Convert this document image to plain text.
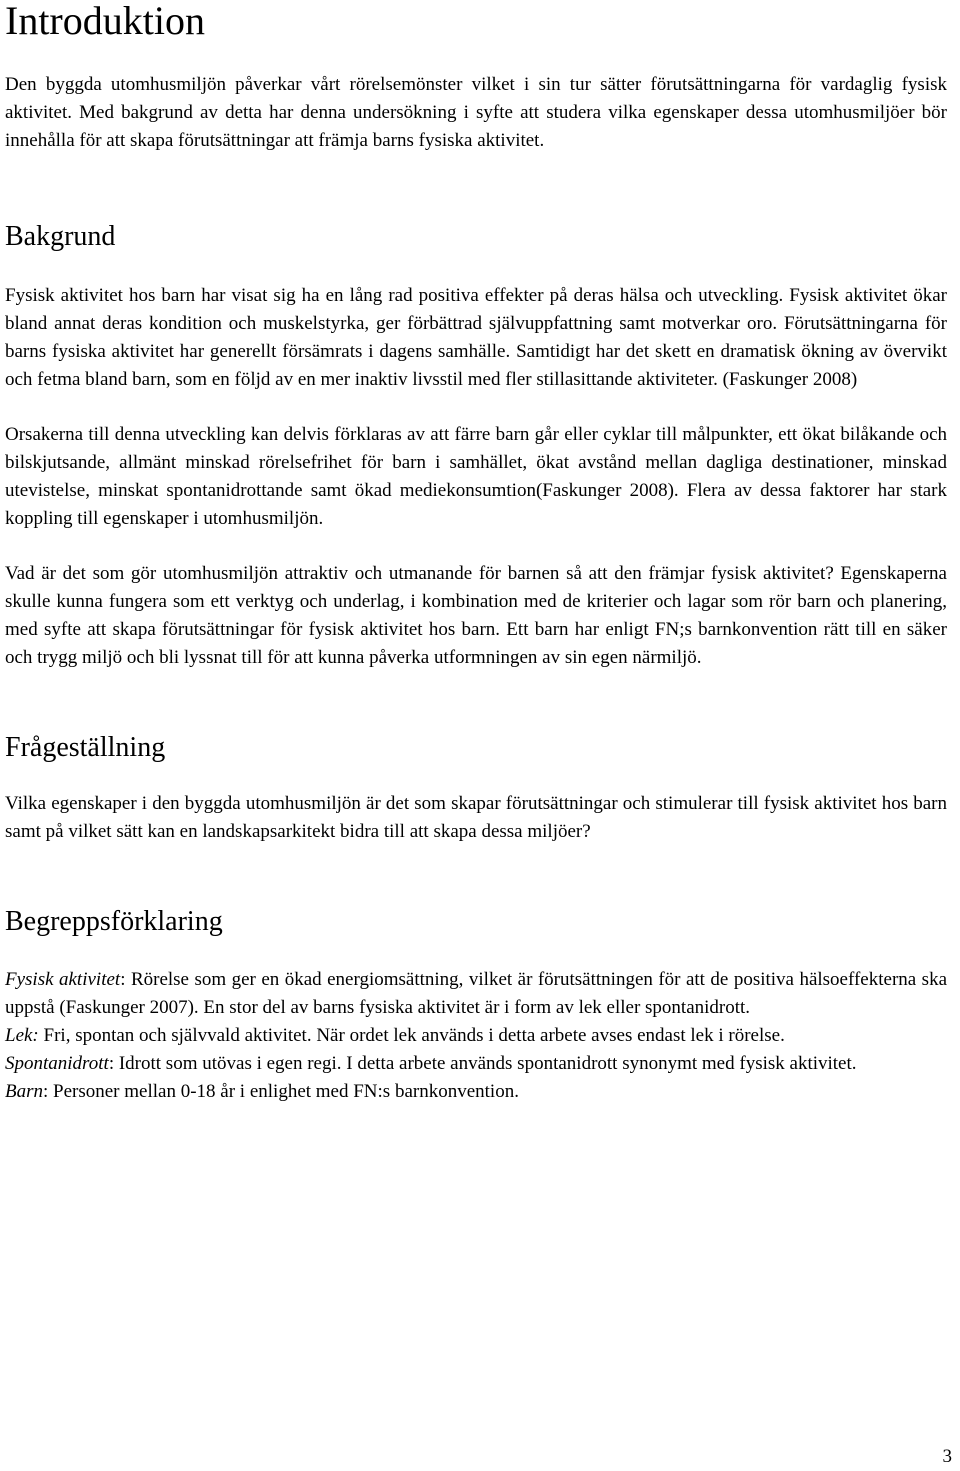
Introduktion

Den byggda utomhusmiljön påverkar vårt rörelsemönster vilket i sin tur sätter förutsättningarna för vardaglig fysisk aktivitet. Med bakgrund av detta har denna undersökning i syfte att studera vilka egenskaper dessa utomhusmiljöer bör innehålla för att skapa förutsättningar att främja barns fysiska aktivitet.

Bakgrund

Fysisk aktivitet hos barn har visat sig ha en lång rad positiva effekter på deras hälsa och utveckling. Fysisk aktivitet ökar bland annat deras kondition och muskelstyrka, ger förbättrad självuppfattning samt motverkar oro. Förutsättningarna för barns fysiska aktivitet har generellt försämrats i dagens samhälle. Samtidigt har det skett en dramatisk ökning av övervikt och fetma bland barn, som en följd av en mer inaktiv livsstil med fler stillasittande aktiviteter. (Faskunger 2008)

Orsakerna till denna utveckling kan delvis förklaras av att färre barn går eller cyklar till målpunkter, ett ökat bilåkande och bilskjutsande, allmänt minskad rörelsefrihet för barn i samhället, ökat avstånd mellan dagliga destinationer, minskad utevistelse, minskat spontanidrottande samt ökad mediekonsumtion(Faskunger 2008). Flera av dessa faktorer har stark koppling till egenskaper i utomhusmiljön.

Vad är det som gör utomhusmiljön attraktiv och utmanande för barnen så att den främjar fysisk aktivitet? Egenskaperna skulle kunna fungera som ett verktyg och underlag, i kombination med de kriterier och lagar som rör barn och planering, med syfte att skapa förutsättningar för fysisk aktivitet hos barn. Ett barn har enligt FN;s barnkonvention rätt till en säker och trygg miljö och bli lyssnat till för att kunna påverka utformningen av sin egen närmiljö.

Frågeställning

Vilka egenskaper i den byggda utomhusmiljön är det som skapar förutsättningar och stimulerar till fysisk aktivitet hos barn samt på vilket sätt kan en landskapsarkitekt bidra till att skapa dessa miljöer?

Begreppsförklaring

Fysisk aktivitet: Rörelse som ger en ökad energiomsättning, vilket är förutsättningen för att de positiva hälsoeffekterna ska uppstå (Faskunger 2007). En stor del av barns fysiska aktivitet är i form av lek eller spontanidrott.

Lek: Fri, spontan och självvald aktivitet. När ordet lek används i detta arbete avses endast lek i rörelse.

Spontanidrott: Idrott som utövas i egen regi. I detta arbete används spontanidrott synonymt med fysisk aktivitet.

Barn: Personer mellan 0-18 år i enlighet med FN:s barnkonvention.

3
